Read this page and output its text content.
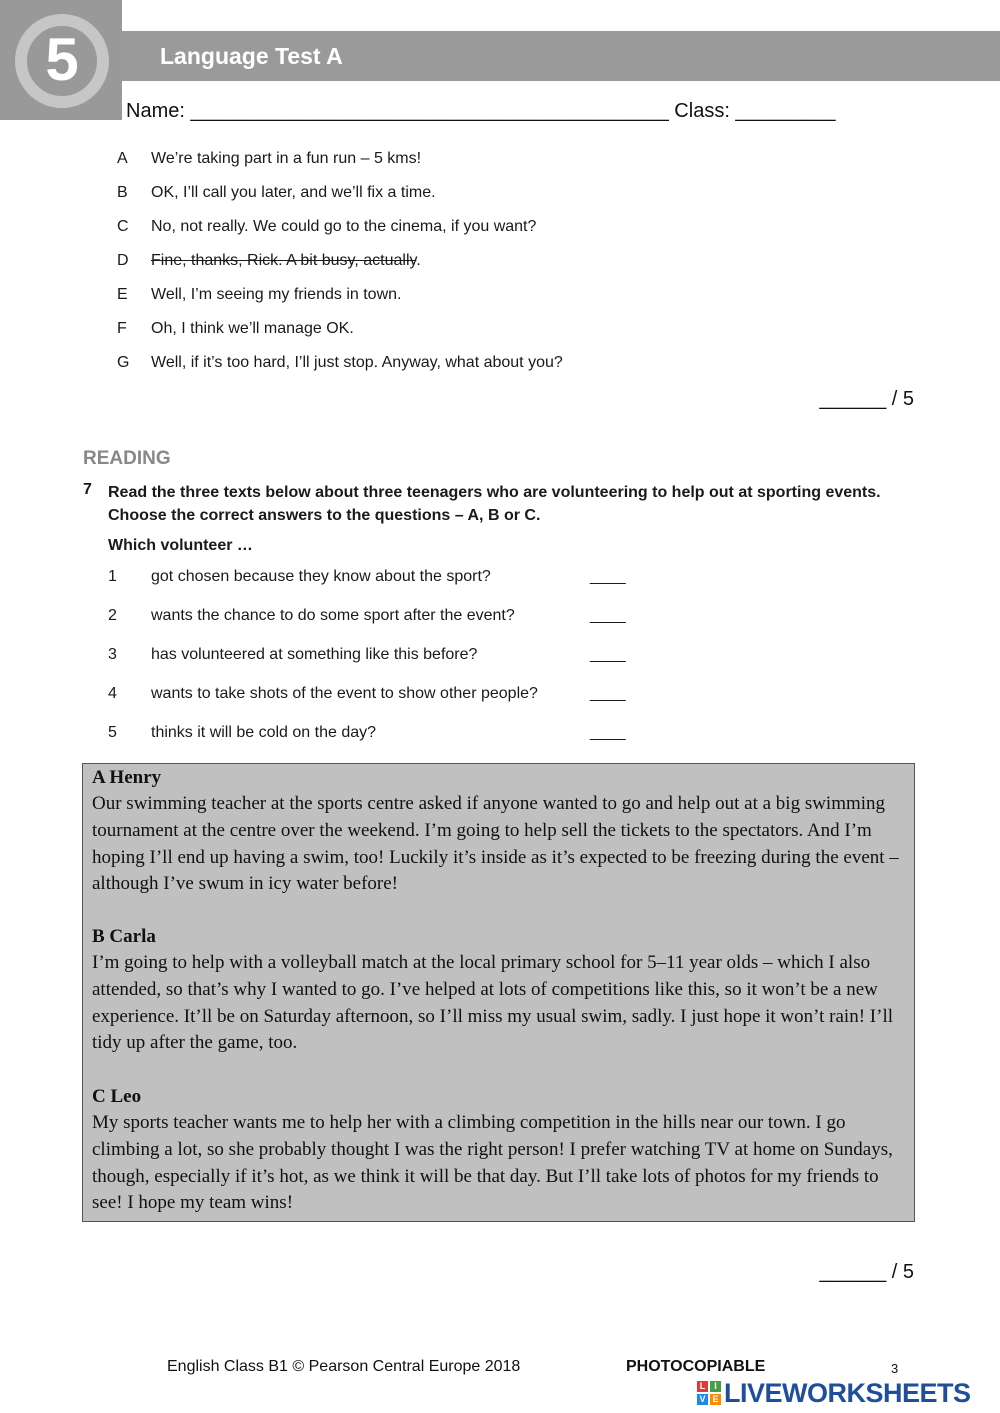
5	Language Test A
Name: ___________________________________________ Class: _________
A We’re taking part in a fun run – 5 kms!
B OK, I’ll call you later, and we’ll fix a time.
C No, not really. We could go to the cinema, if you want?
D Fine, thanks, Rick. A bit busy, actually.
E Well, I’m seeing my friends in town.
F Oh, I think we’ll manage OK.
G Well, if it’s too hard, I’ll just stop. Anyway, what about you?
______ / 5
READING
7 Read the three texts below about three teenagers who are volunteering to help out at sporting events. Choose the correct answers to the questions – A, B or C.
Which volunteer …
1 got chosen because they know about the sport?	____
2 wants the chance to do some sport after the event?	____
3 has volunteered at something like this before?	____
4 wants to take shots of the event to show other people?	____
5 thinks it will be cold on the day?	____
A Henry

Our swimming teacher at the sports centre asked if anyone wanted to go and help out at a big swimming tournament at the centre over the weekend. I’m going to help sell the tickets to the spectators. And I’m hoping I’ll end up having a swim, too! Luckily it’s inside as it’s expected to be freezing during the event – although I’ve swum in icy water before!

B Carla

I’m going to help with a volleyball match at the local primary school for 5–11 year olds – which I also attended, so that’s why I wanted to go. I’ve helped at lots of competitions like this, so it won’t be a new experience. It’ll be on Saturday afternoon, so I’ll miss my usual swim, sadly. I just hope it won’t rain! I’ll tidy up after the game, too.

C Leo

My sports teacher wants me to help her with a climbing competition in the hills near our town. I go climbing a lot, so she probably thought I was the right person! I prefer watching TV at home on Sundays, though, especially if it’s hot, as we think it will be that day. But I’ll take lots of photos for my friends to see! I hope my team wins!

______ / 5
English Class B1 © Pearson Central Europe 2018	PHOTOCOPIABLE	3
L I
V E LIVEWORKSHEETS
